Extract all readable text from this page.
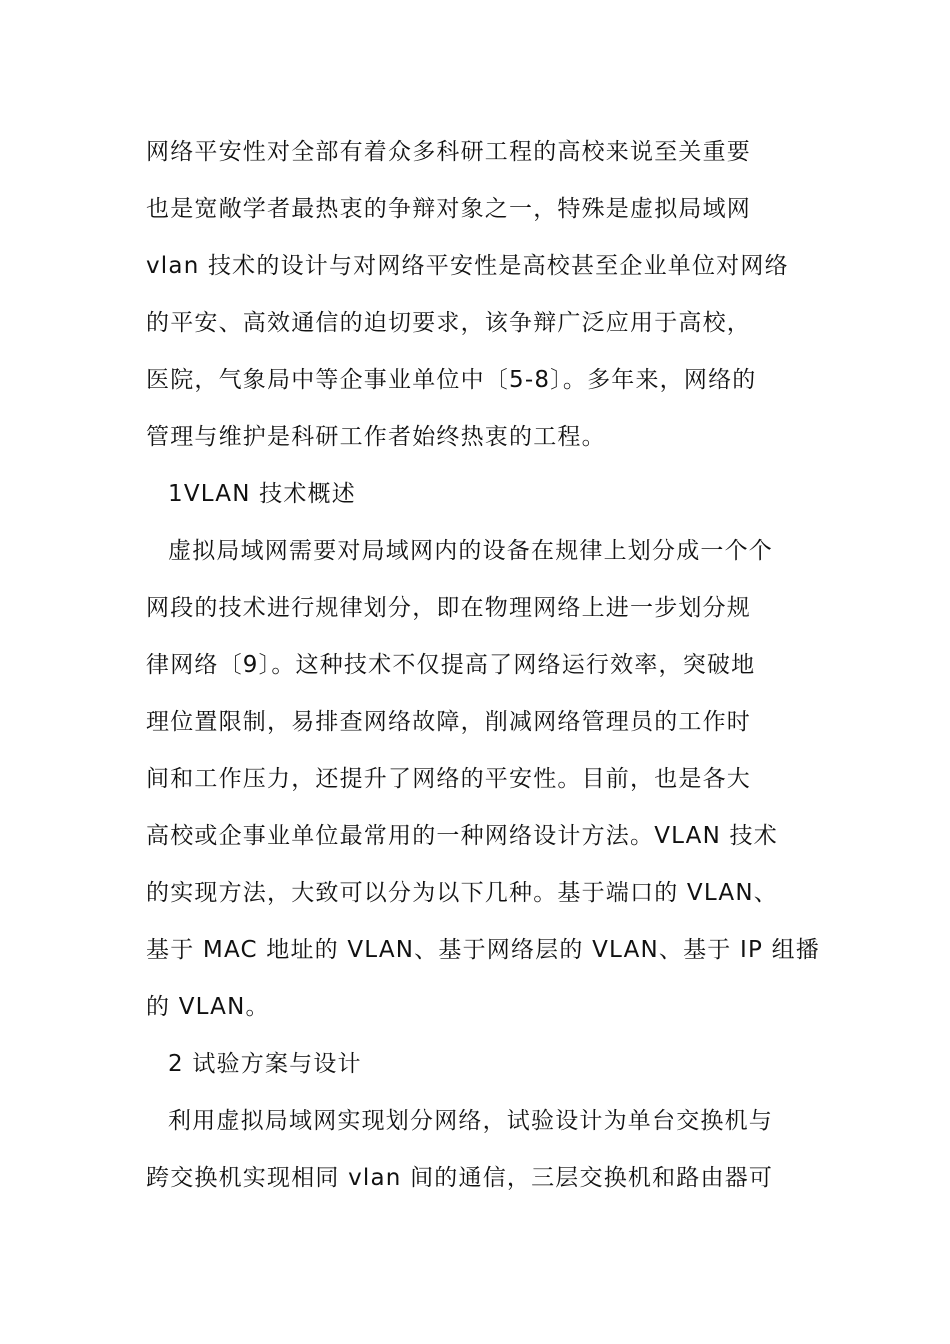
网络平安性对全部有着众多科研工程的高校来说至关重要
也是宽敞学者最热衷的争辩对象之一，特殊是虚拟局域网
vlan 技术的设计与对网络平安性是高校甚至企业单位对网络
的平安、高效通信的迫切要求，该争辩广泛应用于高校，
医院，气象局中等企事业单位中〔5-8〕。多年来，网络的
管理与维护是科研工作者始终热衷的工程。
1VLAN 技术概述
虚拟局域网需要对局域网内的设备在规律上划分成一个个
网段的技术进行规律划分，即在物理网络上进一步划分规
律网络〔9〕。这种技术不仅提高了网络运行效率，突破地
理位置限制，易排查网络故障，削减网络管理员的工作时
间和工作压力，还提升了网络的平安性。目前，也是各大
高校或企事业单位最常用的一种网络设计方法。VLAN 技术
的实现方法，大致可以分为以下几种。基于端口的 VLAN、
基于 MAC 地址的 VLAN、基于网络层的 VLAN、基于 IP 组播
的 VLAN。
2 试验方案与设计
利用虚拟局域网实现划分网络，试验设计为单台交换机与
跨交换机实现相同 vlan 间的通信，三层交换机和路由器可
